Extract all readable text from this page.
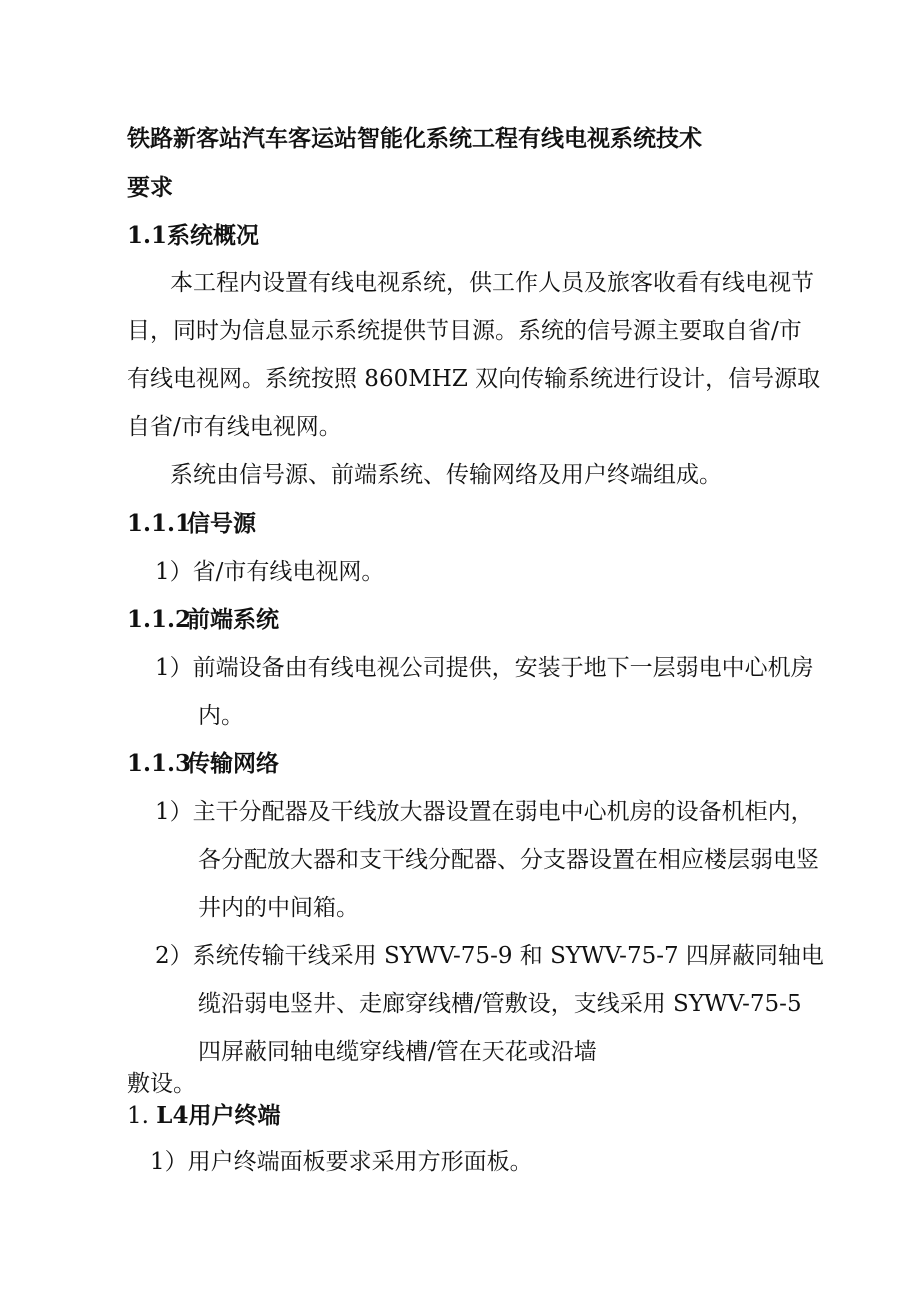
铁路新客站汽车客运站智能化系统工程有线电视系统技术
要求
1.1系统概况
本工程内设置有线电视系统，供工作人员及旅客收看有线电视节
目，同时为信息显示系统提供节目源。系统的信号源主要取自省/市
有线电视网。系统按照 860MHZ 双向传输系统进行设计，信号源取
自省/市有线电视网。
系统由信号源、前端系统、传输网络及用户终端组成。
1.1.1信号源
1）省/市有线电视网。
1.1.2前端系统
1）前端设备由有线电视公司提供，安装于地下一层弱电中心机房
内。
1.1.3传输网络
1）主干分配器及干线放大器设置在弱电中心机房的设备机柜内，
各分配放大器和支干线分配器、分支器设置在相应楼层弱电竖
井内的中间箱。
2）系统传输干线采用 SYWV-75-9 和 SYWV-75-7 四屏蔽同轴电
缆沿弱电竖井、走廊穿线槽/管敷设，支线采用 SYWV-75-5
四屏蔽同轴电缆穿线槽/管在天花或沿墙
敷设。
1. L4用户终端
1）用户终端面板要求采用方形面板。
